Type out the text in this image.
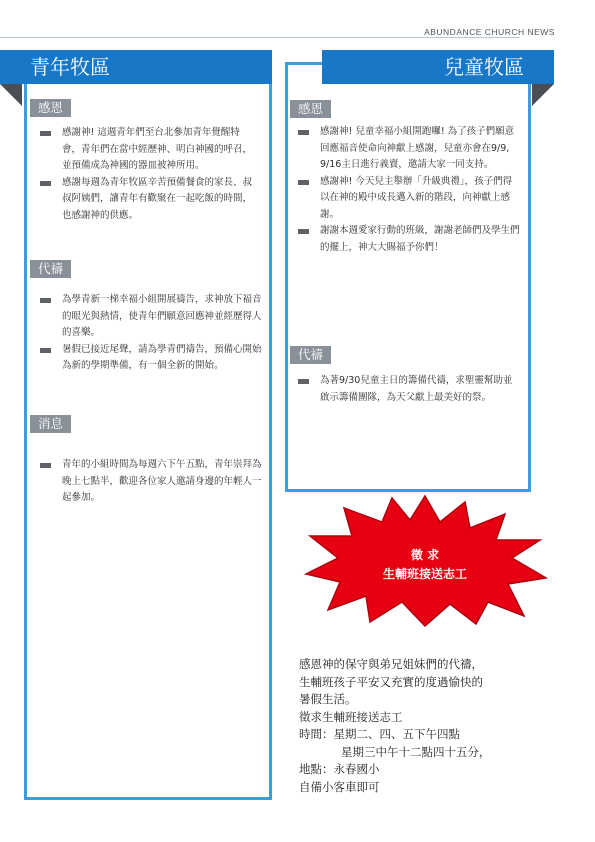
ABUNDANCE CHURCH NEWS
青年牧區
感恩
感謝神! 這週青年們至台北參加青年覺醒特會，青年們在當中經歷神、明白神國的呼召，並預備成為神國的器皿被神所用。
感謝每週為青年牧區辛苦預備餐食的家長、叔叔阿姨們，讓青年有歡聚在一起吃飯的時間，也感謝神的供應。
代禱
為學青新一梯幸福小組開展禱告，求神放下福音的眼光與熱情，使青年們願意回應神並經歷得人的喜樂。
暑假已接近尾聲，請為學青們禱告，預備心開始為新的學期準備，有一個全新的開始。
消息
青年的小組時間為每週六下午五點，青年崇拜為晚上七點半，歡迎各位家人邀請身邊的年輕人一起參加。
兒童牧區
感恩
感謝神! 兒童幸福小組開跑囉! 為了孩子們願意回應福音使命向神獻上感謝，兒童亦會在9/9, 9/16主日進行義賣，邀請大家一同支持。
感謝神! 今天兒主舉辦「升級典禮」，孩子們得以在神的殿中成長邁入新的階段，向神獻上感謝。
謝謝本週愛家行動的班級，謝謝老師們及學生們的擺上，神大大賜福予你們！
代禱
為著9/30兒童主日的籌備代禱，求聖靈幫助並啟示籌備團隊，為天父獻上最美好的祭。
徵 求
生輔班接送志工
感恩神的保守與弟兄姐妹們的代禱，
生輔班孩子平安又充實的度過愉快的
暑假生活。
徵求生輔班接送志工
時間：星期二、四、五下午四點
星期三中午十二點四十五分，
地點：永春國小
自備小客車即可
